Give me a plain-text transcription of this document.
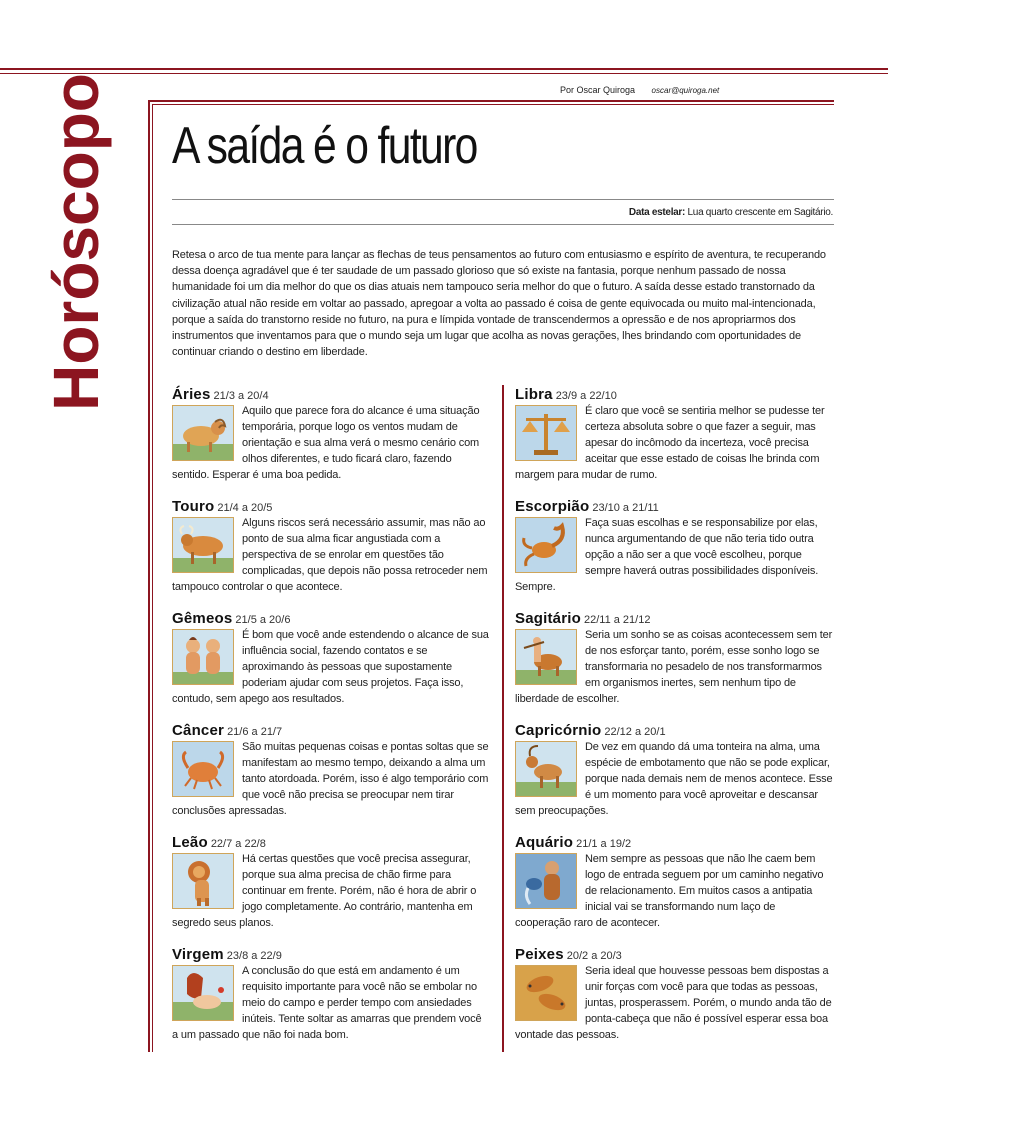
Horóscopo	Por Oscar Quiroga oscar@quiroga.net
A saída é o futuro
Data estelar: Lua quarto crescente em Sagitário.
Retesa o arco de tua mente para lançar as flechas de teus pensamentos ao futuro com entusiasmo e espírito de aventura, te recuperando dessa doença agradável que é ter saudade de um passado glorioso que só existe na fantasia, porque nenhum passado de nossa humanidade foi um dia melhor do que os dias atuais nem tampouco seria melhor do que o futuro. A saída desse estado transtornado da civilização atual não reside em voltar ao passado, apregoar a volta ao passado é coisa de gente equivocada ou muito mal-intencionada, porque a saída do transtorno reside no futuro, na pura e límpida vontade de transcendermos a opressão e de nos apropriarmos dos instrumentos que inventamos para que o mundo seja um lugar que acolha as novas gerações, lhes brindando com oportunidades de continuar criando o destino em liberdade.
Áries 21/3 a 20/4
Aquilo que parece fora do alcance é uma situação temporária, porque logo os ventos mudam de orientação e sua alma verá o mesmo cenário com olhos diferentes, e tudo ficará claro, fazendo sentido. Esperar é uma boa pedida.
Touro 21/4 a 20/5
Alguns riscos será necessário assumir, mas não ao ponto de sua alma ficar angustiada com a perspectiva de se enrolar em questões tão complicadas, que depois não possa retroceder nem tampouco controlar o que acontece.
Gêmeos 21/5 a 20/6
É bom que você ande estendendo o alcance de sua influência social, fazendo contatos e se aproximando às pessoas que supostamente poderiam ajudar com seus projetos. Faça isso, contudo, sem apego aos resultados.
Câncer 21/6 a 21/7
São muitas pequenas coisas e pontas soltas que se manifestam ao mesmo tempo, deixando a alma um tanto atordoada. Porém, isso é algo temporário com que você não precisa se preocupar nem tirar conclusões apressadas.
Leão 22/7 a 22/8
Há certas questões que você precisa assegurar, porque sua alma precisa de chão firme para continuar em frente. Porém, não é hora de abrir o jogo completamente. Ao contrário, mantenha em segredo seus planos.
Virgem 23/8 a 22/9
A conclusão do que está em andamento é um requisito importante para você não se embolar no meio do campo e perder tempo com ansiedades inúteis. Tente soltar as amarras que prendem você a um passado que não foi nada bom.
Libra 23/9 a 22/10
É claro que você se sentiria melhor se pudesse ter certeza absoluta sobre o que fazer a seguir, mas apesar do incômodo da incerteza, você precisa aceitar que esse estado de coisas lhe brinda com margem para mudar de rumo.
Escorpião 23/10 a 21/11
Faça suas escolhas e se responsabilize por elas, nunca argumentando de que não teria tido outra opção a não ser a que você escolheu, porque sempre haverá outras possibilidades disponíveis. Sempre.
Sagitário 22/11 a 21/12
Seria um sonho se as coisas acontecessem sem ter de nos esforçar tanto, porém, esse sonho logo se transformaria no pesadelo de nos transformarmos em organismos inertes, sem nenhum tipo de liberdade de escolher.
Capricórnio 22/12 a 20/1
De vez em quando dá uma tonteira na alma, uma espécie de embotamento que não se pode explicar, porque nada demais nem de menos acontece. Esse é um momento para você aproveitar e descansar sem preocupações.
Aquário 21/1 a 19/2
Nem sempre as pessoas que não lhe caem bem logo de entrada seguem por um caminho negativo de relacionamento. Em muitos casos a antipatia inicial vai se transformando num laço de cooperação raro de acontecer.
Peixes 20/2 a 20/3
Seria ideal que houvesse pessoas bem dispostas a unir forças com você para que todas as pessoas, juntas, prosperassem. Porém, o mundo anda tão de ponta-cabeça que não é possível esperar essa boa vontade das pessoas.
